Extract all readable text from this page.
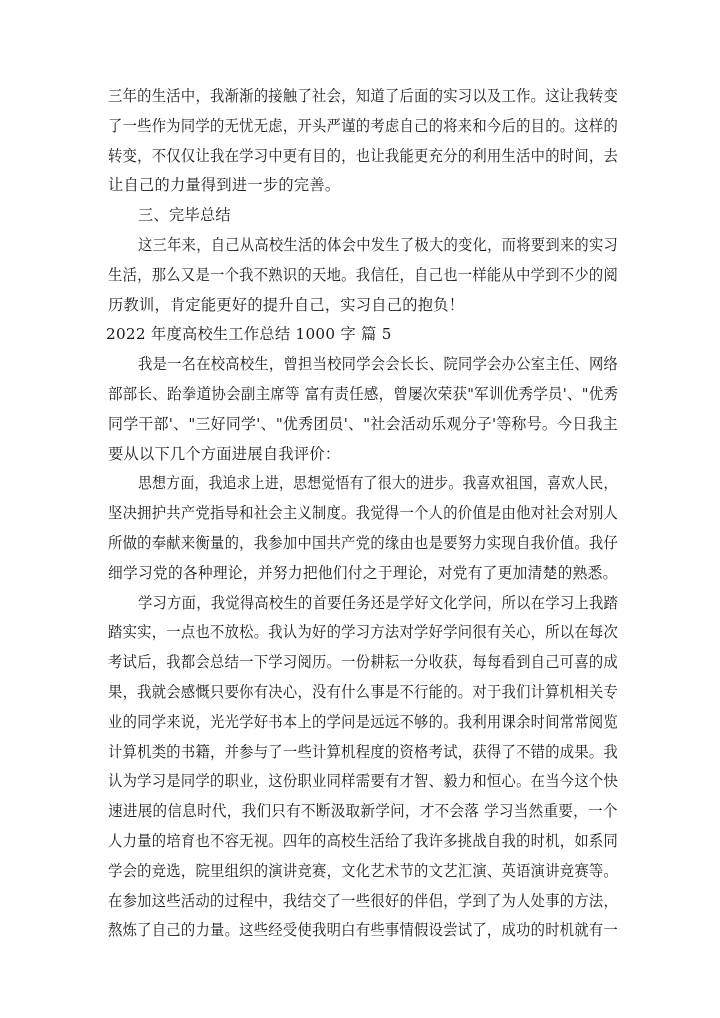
三年的生活中，我渐渐的接触了社会，知道了后面的实习以及工作。这让我转变
了一些作为同学的无忧无虑，开头严谨的考虑自己的将来和今后的目的。这样的
转变，不仅仅让我在学习中更有目的，也让我能更充分的利用生活中的时间，去
让自己的力量得到进一步的完善。
三、完毕总结
这三年来，自己从高校生活的体会中发生了极大的变化，而将要到来的实习
生活，那么又是一个我不熟识的天地。我信任，自己也一样能从中学到不少的阅
历教训，肯定能更好的提升自己，实习自己的抱负！
2022 年度高校生工作总结 1000 字 篇 5
我是一名在校高校生，曾担当校同学会会长长、院同学会办公室主任、网络
部部长、跆拳道协会副主席等 富有责任感，曾屡次荣获"军训优秀学员'、"优秀
同学干部'、"三好同学'、"优秀团员'、"社会活动乐观分子'等称号。今日我主
要从以下几个方面进展自我评价：
思想方面，我追求上进，思想觉悟有了很大的进步。我喜欢祖国，喜欢人民，
坚决拥护共产党指导和社会主义制度。我觉得一个人的价值是由他对社会对别人
所做的奉献来衡量的，我参加中国共产党的缘由也是要努力实现自我价值。我仔
细学习党的各种理论，并努力把他们付之于理论，对党有了更加清楚的熟悉。
学习方面，我觉得高校生的首要任务还是学好文化学问，所以在学习上我踏
踏实实，一点也不放松。我认为好的学习方法对学好学问很有关心，所以在每次
考试后，我都会总结一下学习阅历。一份耕耘一分收获，每每看到自己可喜的成
果，我就会感慨只要你有决心，没有什么事是不行能的。对于我们计算机相关专
业的同学来说，光光学好书本上的学问是远远不够的。我利用课余时间常常阅览
计算机类的书籍，并参与了一些计算机程度的资格考试，获得了不错的成果。我
认为学习是同学的职业，这份职业同样需要有才智、毅力和恒心。在当今这个快
速进展的信息时代，我们只有不断汲取新学问，才不会落 学习当然重要，一个
人力量的培育也不容无视。四年的高校生活给了我许多挑战自我的时机，如系同
学会的竞选，院里组织的演讲竞赛，文化艺术节的文艺汇演、英语演讲竞赛等。
在参加这些活动的过程中，我结交了一些很好的伴侣，学到了为人处事的方法，
熬炼了自己的力量。这些经受使我明白有些事情假设尝试了，成功的时机就有一
